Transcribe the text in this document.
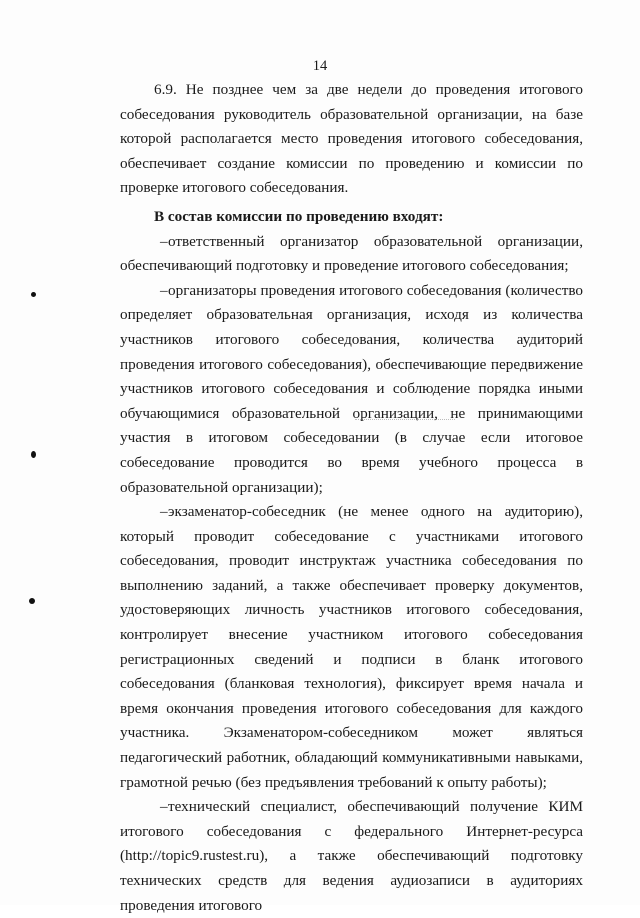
14

6.9. Не позднее чем за две недели до проведения итогового собеседования руководитель образовательной организации, на базе которой располагается место проведения итогового собеседования, обеспечивает создание комиссии по проведению и комиссии по проверке итогового собеседования.

В состав комиссии по проведению входят:

–ответственный организатор образовательной организации, обеспечивающий подготовку и проведение итогового собеседования;

–организаторы проведения итогового собеседования (количество определяет образовательная организация, исходя из количества участников итогового собеседования, количества аудиторий проведения итогового собеседования), обеспечивающие передвижение участников итогового собеседования и соблюдение порядка иными обучающимися образовательной организации, не принимающими участия в итоговом собеседовании (в случае если итоговое собеседование проводится во время учебного процесса в образовательной организации);

–экзаменатор-собеседник (не менее одного на аудиторию), который проводит собеседование с участниками итогового собеседования, проводит инструктаж участника собеседования по выполнению заданий, а также обеспечивает проверку документов, удостоверяющих личность участников итогового собеседования, контролирует внесение участником итогового собеседования регистрационных сведений и подписи в бланк итогового собеседования (бланковая технология), фиксирует время начала и время окончания проведения итогового собеседования для каждого участника. Экзаменатором-собеседником может являться педагогический работник, обладающий коммуникативными навыками, грамотной речью (без предъявления требований к опыту работы);

–технический специалист, обеспечивающий получение КИМ итогового собеседования с федерального Интернет-ресурса (http://topic9.rustest.ru), а также обеспечивающий подготовку технических средств для ведения аудиозаписи в аудиториях проведения итогового
